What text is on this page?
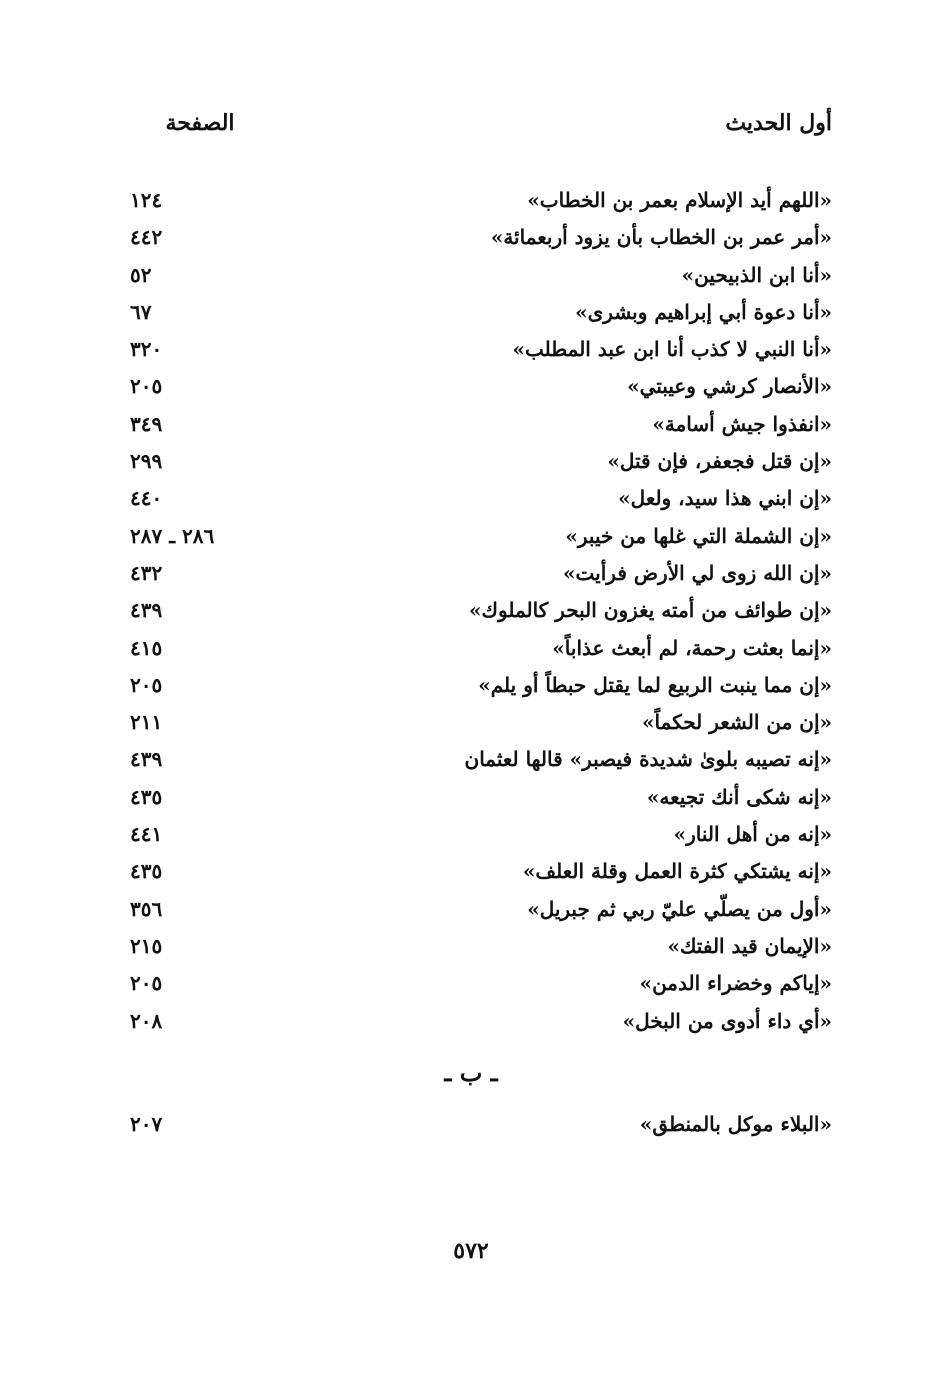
أول الحديث
الصفحة
«اللهم أيد الإسلام بعمر بن الخطاب»
١٢٤
«أمر عمر بن الخطاب بأن يزود أربعمائة»
٤٤٢
«أنا ابن الذبيحين»
٥٢
«أنا دعوة أبي إبراهيم وبشرى»
٦٧
«أنا النبي لا كذب أنا ابن عبد المطلب»
٣٢٠
«الأنصار كرشي وعيبتي»
٢٠٥
«انفذوا جيش أسامة»
٣٤٩
«إن قتل فجعفر، فإن قتل»
٢٩٩
«إن ابني هذا سيد، ولعل»
٤٤٠
«إن الشملة التي غلها من خيبر»
٢٨٦ ـ ٢٨٧
«إن الله زوى لي الأرض فرأيت»
٤٣٢
«إن طوائف من أمته يغزون البحر كالملوك»
٤٣٩
«إنما بعثت رحمة، لم أبعث عذاباً»
٤١٥
«إن مما ينبت الربيع لما يقتل حبطاً أو يلم»
٢٠٥
«إن من الشعر لحكماً»
٢١١
«إنه تصيبه بلوىٰ شديدة فيصبر» قالها لعثمان
٤٣٩
«إنه شكى أنك تجيعه»
٤٣٥
«إنه من أهل النار»
٤٤١
«إنه يشتكي كثرة العمل وقلة العلف»
٤٣٥
«أول من يصلّي عليّ ربي ثم جبريل»
٣٥٦
«الإيمان قيد الفتك»
٢١٥
«إياكم وخضراء الدمن»
٢٠٥
«أي داء أدوى من البخل»
٢٠٨
ـ ب ـ
«البلاء موكل بالمنطق»
٢٠٧
٥٧٢
